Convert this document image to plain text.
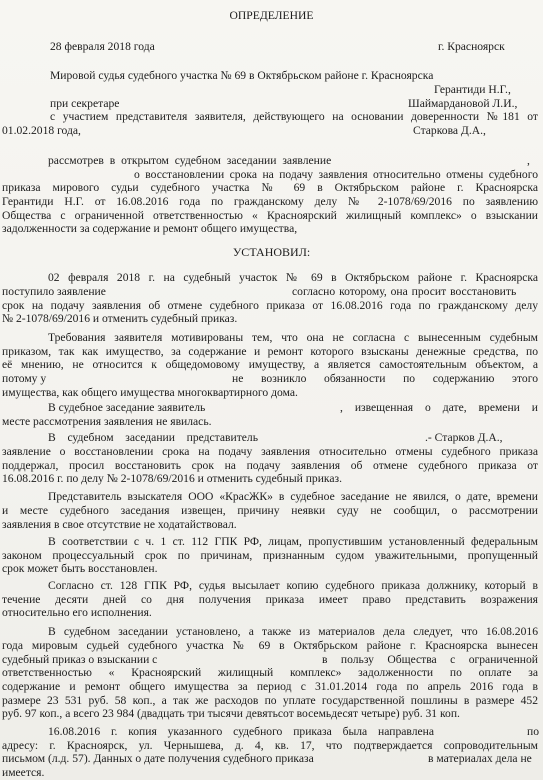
ОПРЕДЕЛЕНИЕ
28 февраля 2018 года	г. Красноярск
Мировой судья судебного участка № 69 в Октябрьском районе г. Красноярска
Герантиди Н.Г.,
при секретаре	Шаймардановой Л.И.,
с участием представителя заявителя, действующего на основании доверенности №181 от
01.02.2018 года,	Старкова Д.А.,
рассмотрев в открытом судебном заседании заявление	,
о восстановлении срока на подачу заявления относительно отмены судебного
приказа мирового судьи судебного участка № 69 в Октябрьском районе г. Красноярска
Герантиди Н.Г. от 16.08.2016 года по гражданскому делу № 2-1078/69/2016 по заявлению
Общества с ограниченной ответственностью « Красноярский жилищный комплекс» о взыскании
задолженности за содержание и ремонт общего имущества,
УСТАНОВИЛ:
02 февраля 2018 г. на судебный участок № 69 в Октябрьском районе г. Красноярска
поступило заявление	согласно которому, она просит восстановить
срок на подачу заявления об отмене судебного приказа от 16.08.2016 года по гражданскому делу
№ 2-1078/69/2016 и отменить судебный приказ.
Требования заявителя мотивированы тем, что она не согласна с вынесенным судебным
приказом, так как имущество, за содержание и ремонт которого взысканы денежные средства, по
её мнению, не относится к общедомовому имуществу, а является самостоятельным объектом, а
потому у	не возникло обязанности по содержанию этого
имущества, как общего имущества многоквартирного дома.
В судебное заседание заявитель	, извещенная о дате, времени и
месте рассмотрения заявления не явилась.
В судебном заседании представитель	.- Старков Д.А.,
заявление о восстановлении срока на подачу заявления относительно отмены судебного приказа
поддержал, просил восстановить срок на подачу заявления об отмене судебного приказа от
16.08.2016 г. по делу № 2-1078/69/2016 и отменить судебный приказ.
Представитель взыскателя ООО «КрасЖК» в судебное заседание не явился, о дате, времени
и месте судебного заседания извещен, причину неявки суду не сообщил, о рассмотрении
заявления в свое отсутствие не ходатайствовал.
В соответствии с ч. 1 ст. 112 ГПК РФ, лицам, пропустившим установленный федеральным
законом процессуальный срок по причинам, признанным судом уважительными, пропущенный
срок может быть восстановлен.
Согласно ст. 128 ГПК РФ, судья высылает копию судебного приказа должнику, который в
течение десяти дней со дня получения приказа имеет право представить возражения
относительно его исполнения.
В судебном заседании установлено, а также из материалов дела следует, что 16.08.2016
года мировым судьей судебного участка № 69 в Октябрьском районе г. Красноярска вынесен
судебный приказ о взыскании с	в пользу Общества с ограниченной
ответственностью « Красноярский жилищный комплекс» задолженности по оплате за
содержание и ремонт общего имущества за период с 31.01.2014 года по апрель 2016 года в
размере 23 531 руб. 58 коп., а так же расходов по уплате государственной пошлины в размере 452
руб. 97 коп., а всего 23 984 (двадцать три тысячи девятьсот восемьдесят четыре) руб. 31 коп.
16.08.2016 г. копия указанного судебного приказа была направлена	по
адресу: г. Красноярск, ул. Чернышева, д. 4, кв. 17, что подтверждается сопроводительным
письмом (л.д. 57). Данных о дате получения судебного приказа	в материалах дела не
имеется.
